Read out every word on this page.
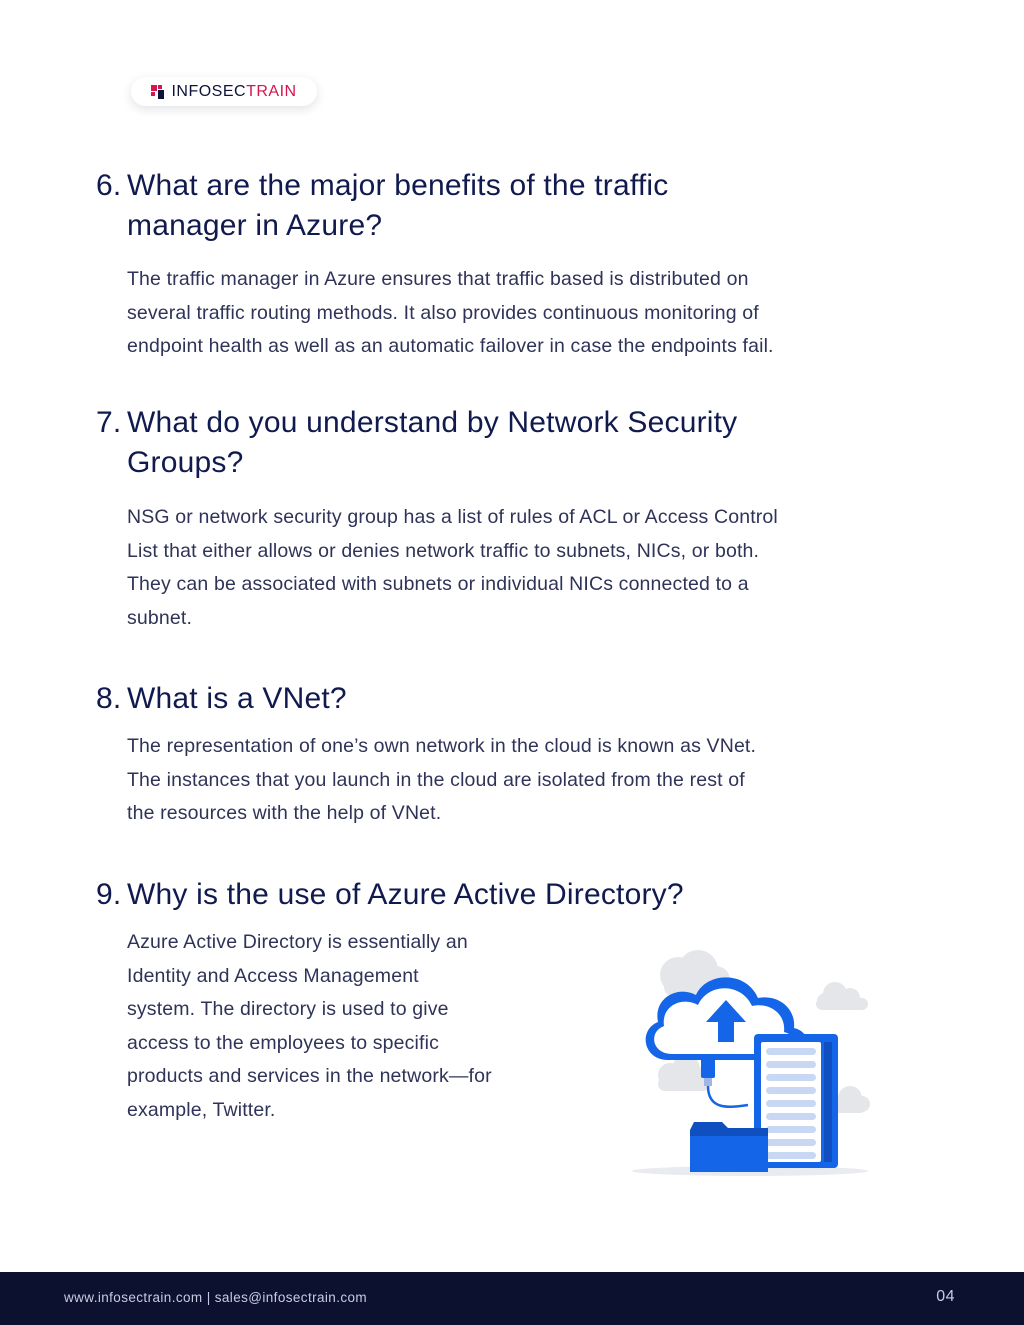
INFOSECTRAIN
6. What are the major benefits of the traffic
manager in Azure?

The traffic manager in Azure ensures that traffic based is distributed on
several traffic routing methods. It also provides continuous monitoring of
endpoint health as well as an automatic failover in case the endpoints fail.

7. What do you understand by Network Security
Groups?

NSG or network security group has a list of rules of ACL or Access Control
List that either allows or denies network traffic to subnets, NICs, or both.
They can be associated with subnets or individual NICs connected to a
subnet.

8. What is a VNet?

The representation of one’s own network in the cloud is known as VNet.
The instances that you launch in the cloud are isolated from the rest of
the resources with the help of VNet.

9. Why is the use of Azure Active Directory?

Azure Active Directory is essentially an
Identity and Access Management
system. The directory is used to give
access to the employees to specific
products and services in the network—for
example, Twitter.

www.infosectrain.com | sales@infosectrain.com	04
